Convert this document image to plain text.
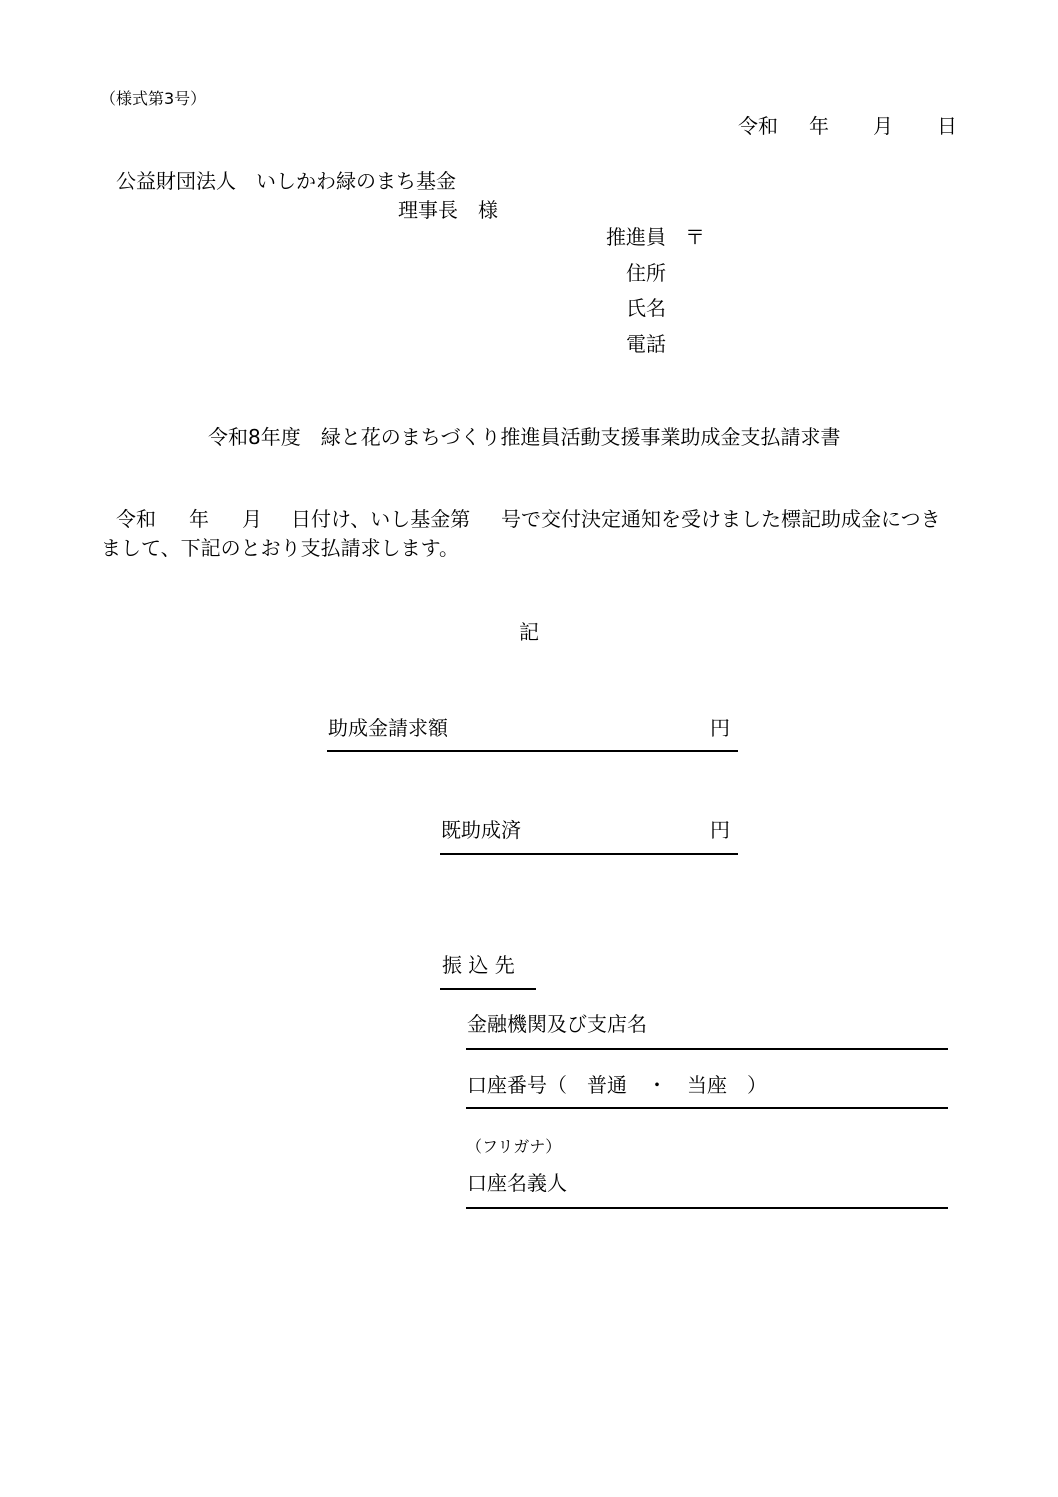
（様式第3号）
令和 年 月 日
公益財団法人　いしかわ緑のまち基金
理事長　様
推進員 〒
住所
氏名
電話
令和8年度　緑と花のまちづくり推進員活動支援事業助成金支払請求書
令和 年 月 日付け、いし基金第 号で交付決定通知を受けました標記助成金につき
まして、下記のとおり支払請求します。
記
助成金請求額	円
既助成済	円
振 込 先
金融機関及び支店名
口座番号（　普通　・　当座　）
（フリガナ）
口座名義人
